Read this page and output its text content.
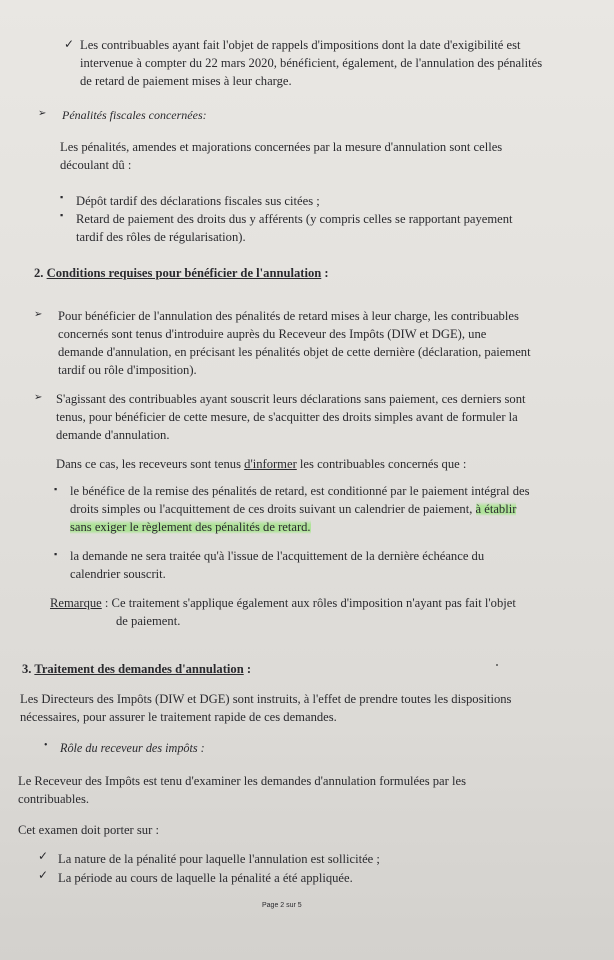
✓ Les contribuables ayant fait l'objet de rappels d'impositions dont la date d'exigibilité est
intervenue à compter du 22 mars 2020, bénéficient, également, de l'annulation des pénalités
de retard de paiement mises à leur charge.
➢ Pénalités fiscales concernées:
Les pénalités, amendes et majorations concernées par la mesure d'annulation sont celles
découlant dû :
▪ Dépôt tardif des déclarations fiscales sus citées ;
▪ Retard de paiement des droits dus y afférents (y compris celles se rapportant payement
tardif des rôles de régularisation).
2. Conditions requises pour bénéficier de l'annulation :
➢ Pour bénéficier de l'annulation des pénalités de retard mises à leur charge, les contribuables
concernés sont tenus d'introduire auprès du Receveur des Impôts (DIW et DGE), une
demande d'annulation, en précisant les pénalités objet de cette dernière (déclaration, paiement
tardif ou rôle d'imposition).
➢ S'agissant des contribuables ayant souscrit leurs déclarations sans paiement, ces derniers sont
tenus, pour bénéficier de cette mesure, de s'acquitter des droits simples avant de formuler la
demande d'annulation.
Dans ce cas, les receveurs sont tenus d'informer les contribuables concernés que :
▪ le bénéfice de la remise des pénalités de retard, est conditionné par le paiement intégral des
droits simples ou l'acquittement de ces droits suivant un calendrier de paiement, à établir
sans exiger le règlement des pénalités de retard.
▪ la demande ne sera traitée qu'à l'issue de l'acquittement de la dernière échéance du
calendrier souscrit.
Remarque : Ce traitement s'applique également aux rôles d'imposition n'ayant pas fait l'objet
de paiement.
3. Traitement des demandes d'annulation :
Les Directeurs des Impôts (DIW et DGE) sont instruits, à l'effet de prendre toutes les dispositions
nécessaires, pour assurer le traitement rapide de ces demandes.
• Rôle du receveur des impôts :
Le Receveur des Impôts est tenu d'examiner les demandes d'annulation formulées par les
contribuables.
Cet examen doit porter sur :
✓ La nature de la pénalité pour laquelle l'annulation est sollicitée ;
✓ La période au cours de laquelle la pénalité a été appliquée.
Page 2 sur 5
